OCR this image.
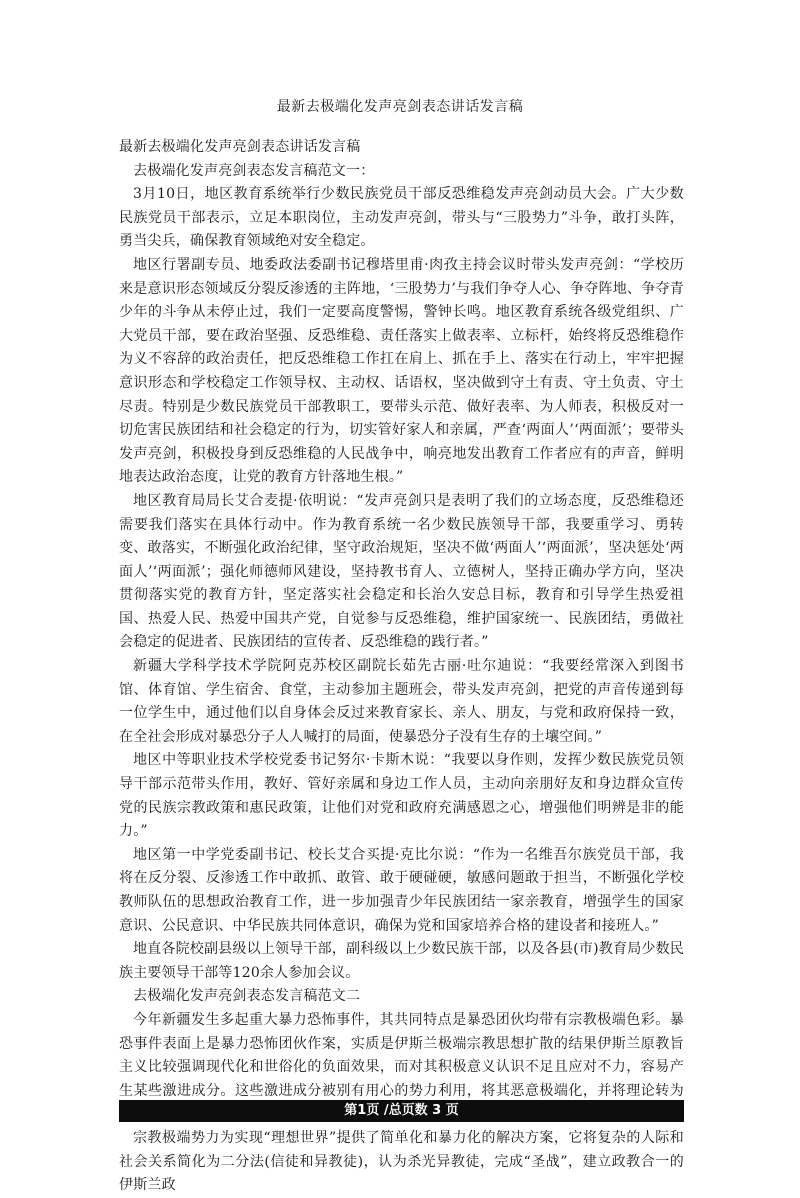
最新去极端化发声亮剑表态讲话发言稿

最新去极端化发声亮剑表态讲话发言稿

去极端化发声亮剑表态发言稿范文一：

3月10日，地区教育系统举行少数民族党员干部反恐维稳发声亮剑动员大会。广大少数民族党员干部表示，立足本职岗位，主动发声亮剑，带头与“三股势力”斗争，敢打头阵，勇当尖兵，确保教育领域绝对安全稳定。

地区行署副专员、地委政法委副书记穆塔里甫·肉孜主持会议时带头发声亮剑：“学校历来是意识形态领域反分裂反渗透的主阵地，‘三股势力’与我们争夺人心、争夺阵地、争夺青少年的斗争从未停止过，我们一定要高度警惕，警钟长鸣。地区教育系统各级党组织、广大党员干部，要在政治坚强、反恐维稳、责任落实上做表率、立标杆，始终将反恐维稳作为义不容辞的政治责任，把反恐维稳工作扛在肩上、抓在手上、落实在行动上，牢牢把握意识形态和学校稳定工作领导权、主动权、话语权，坚决做到守土有责、守土负责、守土尽责。特别是少数民族党员干部教职工，要带头示范、做好表率、为人师表，积极反对一切危害民族团结和社会稳定的行为，切实管好家人和亲属，严查‘两面人’‘两面派’；要带头发声亮剑，积极投身到反恐维稳的人民战争中，响亮地发出教育工作者应有的声音，鲜明地表达政治态度，让党的教育方针落地生根。”

地区教育局局长艾合麦提·依明说：“发声亮剑只是表明了我们的立场态度，反恐维稳还需要我们落实在具体行动中。作为教育系统一名少数民族领导干部，我要重学习、勇转变、敢落实，不断强化政治纪律，坚守政治规矩，坚决不做‘两面人’‘两面派’，坚决惩处‘两面人’‘两面派’；强化师德师风建设，坚持教书育人、立德树人，坚持正确办学方向，坚决贯彻落实党的教育方针，坚定落实社会稳定和长治久安总目标，教育和引导学生热爱祖国、热爱人民、热爱中国共产党，自觉参与反恐维稳，维护国家统一、民族团结，勇做社会稳定的促进者、民族团结的宣传者、反恐维稳的践行者。”

新疆大学科学技术学院阿克苏校区副院长茹先古丽·吐尔迪说：“我要经常深入到图书馆、体育馆、学生宿舍、食堂，主动参加主题班会，带头发声亮剑，把党的声音传递到每一位学生中，通过他们以自身体会反过来教育家长、亲人、朋友，与党和政府保持一致，在全社会形成对暴恐分子人人喊打的局面，使暴恐分子没有生存的土壤空间。”

地区中等职业技术学校党委书记努尔·卡斯木说：“我要以身作则，发挥少数民族党员领导干部示范带头作用，教好、管好亲属和身边工作人员，主动向亲朋好友和身边群众宣传党的民族宗教政策和惠民政策，让他们对党和政府充满感恩之心，增强他们明辨是非的能力。”

地区第一中学党委副书记、校长艾合买提·克比尔说：“作为一名维吾尔族党员干部，我将在反分裂、反渗透工作中敢抓、敢管、敢于硬碰硬，敏感问题敢于担当，不断强化学校教师队伍的思想政治教育工作，进一步加强青少年民族团结一家亲教育，增强学生的国家意识、公民意识、中华民族共同体意识，确保为党和国家培养合格的建设者和接班人。”

地直各院校副县级以上领导干部，副科级以上少数民族干部，以及各县(市)教育局少数民族主要领导干部等120余人参加会议。

去极端化发声亮剑表态发言稿范文二

今年新疆发生多起重大暴力恐怖事件，其共同特点是暴恐团伙均带有宗教极端色彩。暴恐事件表面上是暴力恐怖团伙作案，实质是伊斯兰极端宗教思想扩散的结果伊斯兰原教旨主义比较强调现代化和世俗化的负面效果，而对其积极意义认识不足且应对不力，容易产生某些激进成分。这些激进成分被别有用心的势力利用，将其恶意极端化，并将理论转为

宗教极端势力为实现“理想世界”提供了简单化和暴力化的解决方案，它将复杂的人际和社会关系简化为二分法(信徒和异教徒)，认为杀光异教徒，完成“圣战”，建立政教合一的伊斯兰政

第1页 /总页数 3 页
